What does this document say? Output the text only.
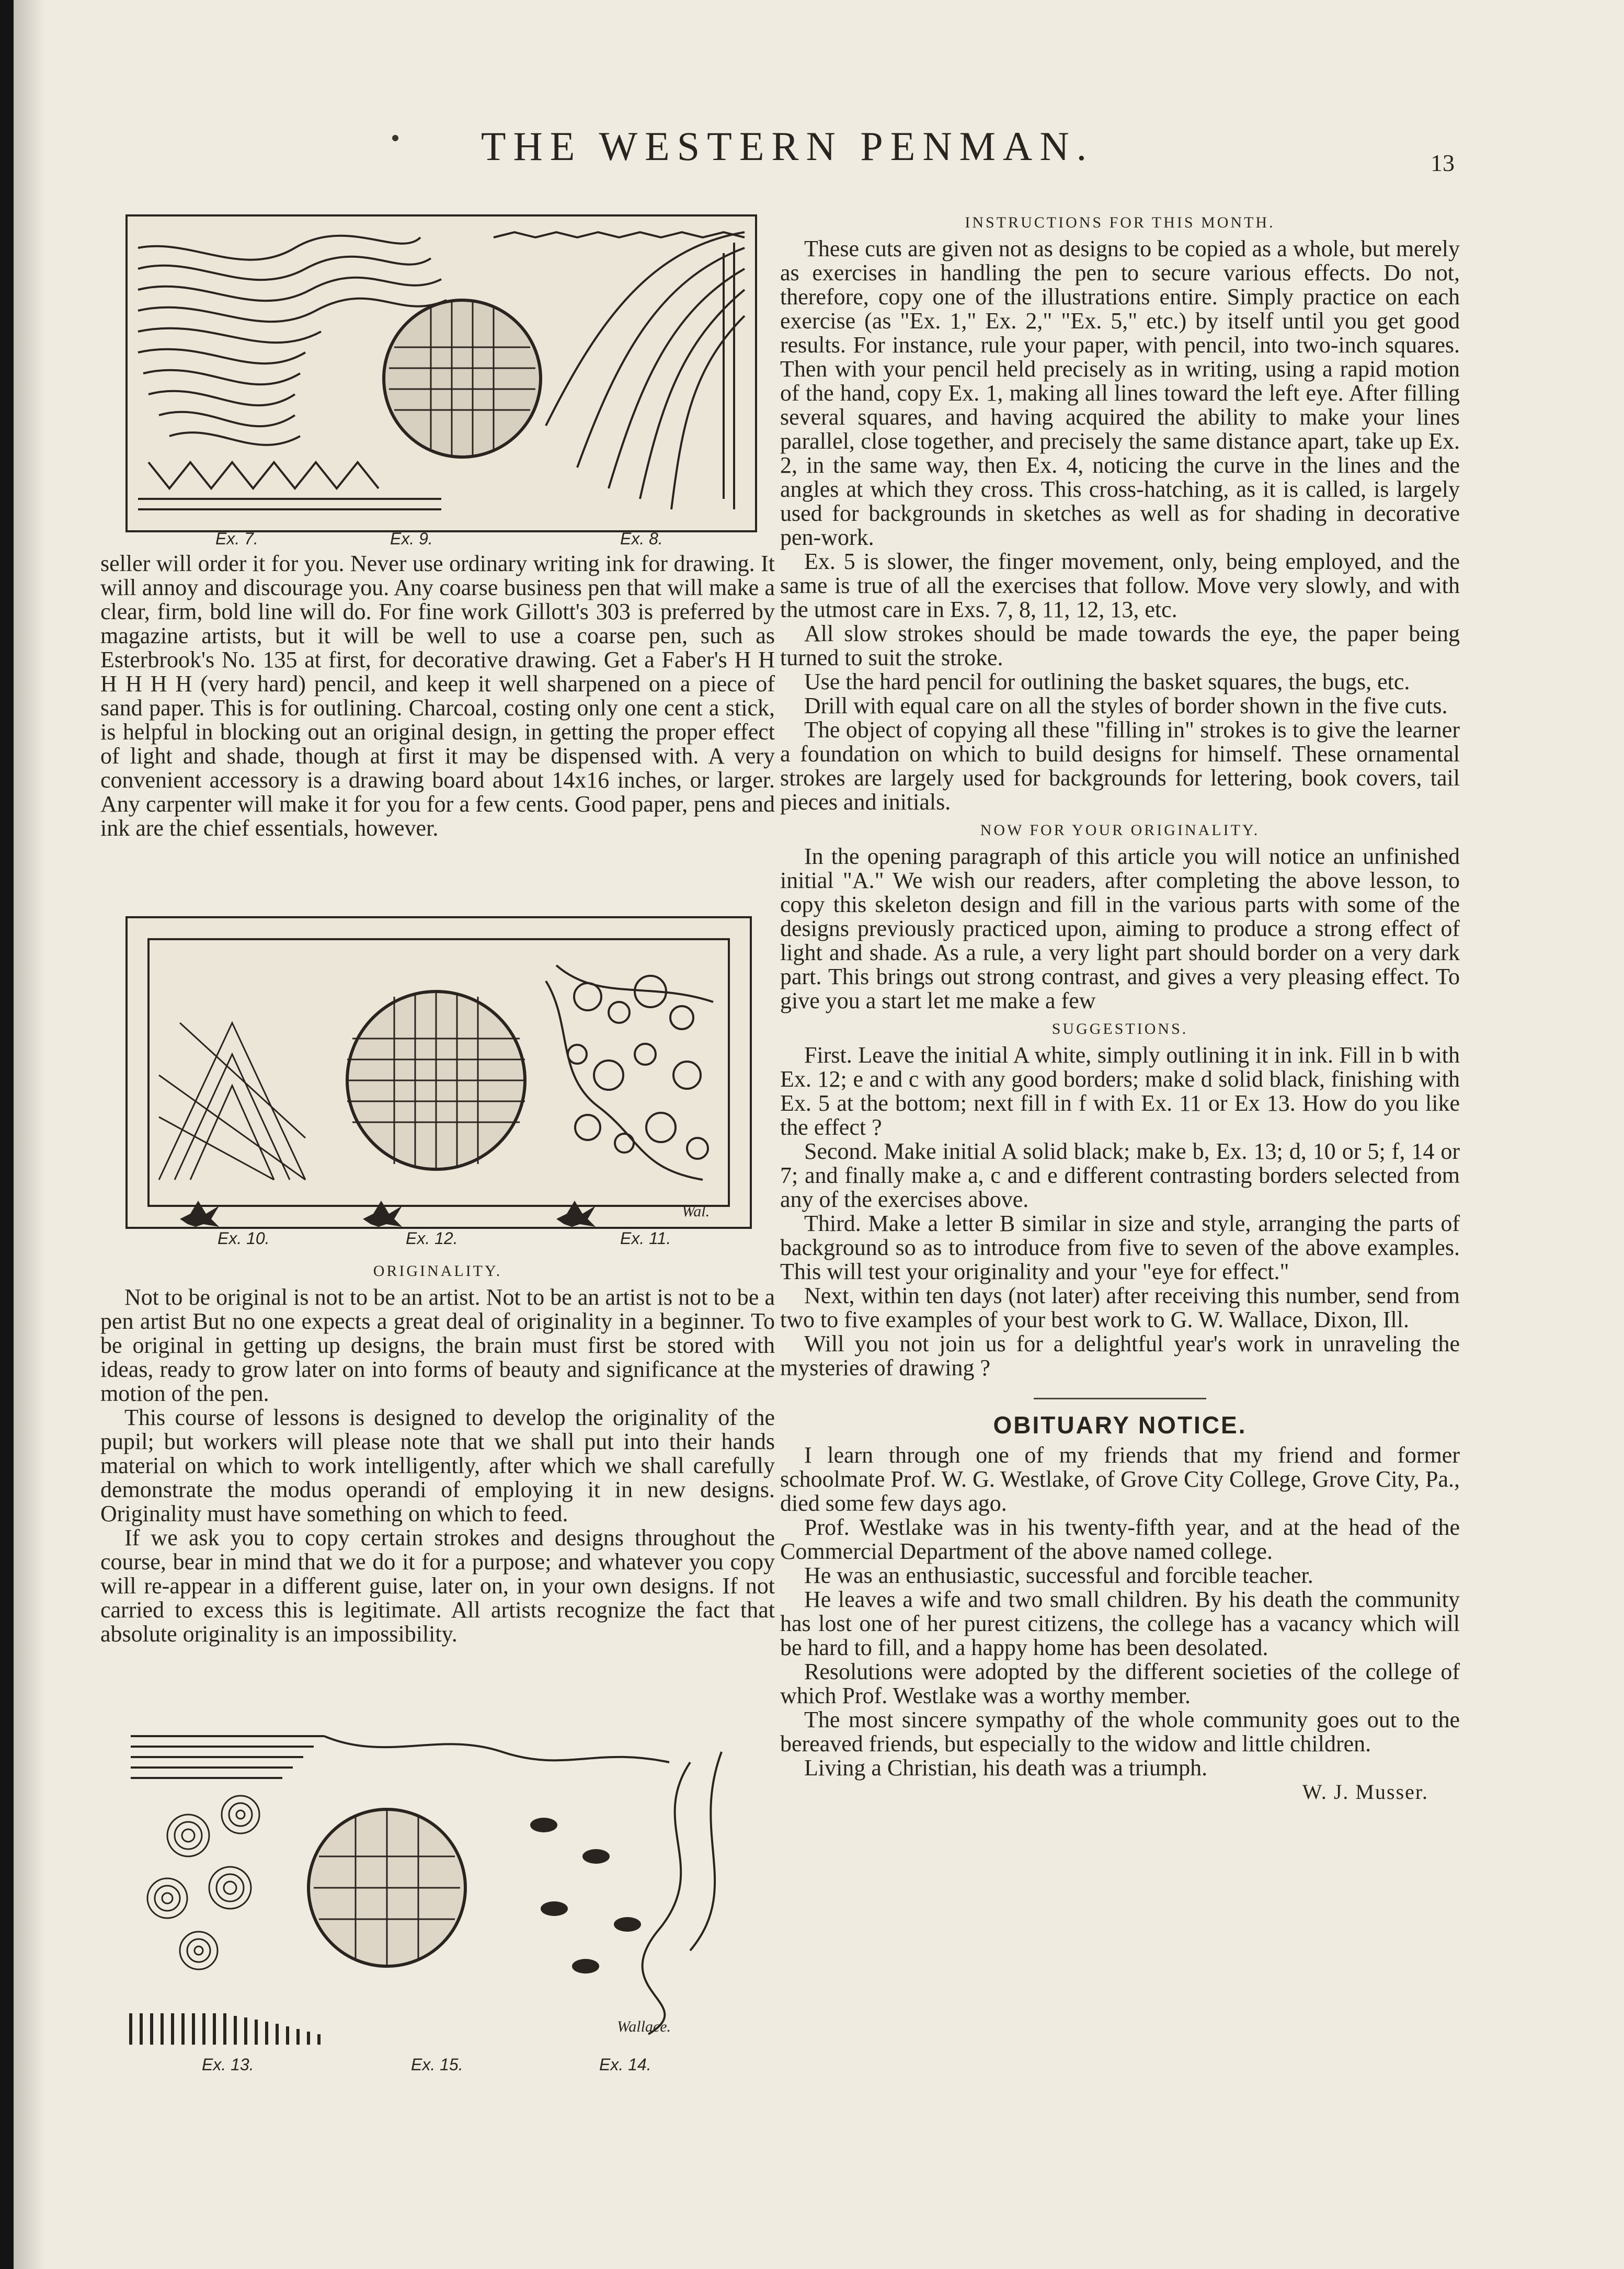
THE WESTERN PENMAN.	13
Ex. 7.	Ex. 9.	Ex. 8.

seller will order it for you. Never use ordinary writing ink for drawing. It will annoy and discourage you. Any coarse business pen that will make a clear, firm, bold line will do. For fine work Gillott's 303 is preferred by magazine artists, but it will be well to use a coarse pen, such as Esterbrook's No. 135 at first, for decorative drawing. Get a Faber's H H H H H H (very hard) pencil, and keep it well sharpened on a piece of sand paper. This is for outlining. Charcoal, costing only one cent a stick, is helpful in blocking out an original design, in getting the proper effect of light and shade, though at first it may be dispensed with. A very convenient accessory is a drawing board about 14x16 inches, or larger. Any carpenter will make it for you for a few cents. Good paper, pens and ink are the chief essentials, however.

Wal.
Ex. 10.	Ex. 12.	Ex. 11.
ORIGINALITY.

Not to be original is not to be an artist. Not to be an artist is not to be a pen artist But no one expects a great deal of originality in a beginner. To be original in getting up designs, the brain must first be stored with ideas, ready to grow later on into forms of beauty and significance at the motion of the pen.

This course of lessons is designed to develop the originality of the pupil; but workers will please note that we shall put into their hands material on which to work intelligently, after which we shall carefully demonstrate the modus operandi of employing it in new designs. Originality must have something on which to feed.

If we ask you to copy certain strokes and designs throughout the course, bear in mind that we do it for a purpose; and whatever you copy will re-appear in a different guise, later on, in your own designs. If not carried to excess this is legitimate. All artists recognize the fact that absolute originality is an impossibility.

Wallace.
Ex. 13.	Ex. 15.	Ex. 14.
INSTRUCTIONS FOR THIS MONTH.

These cuts are given not as designs to be copied as a whole, but merely as exercises in handling the pen to secure various effects. Do not, therefore, copy one of the illustrations entire. Simply practice on each exercise (as "Ex. 1," Ex. 2," "Ex. 5," etc.) by itself until you get good results. For instance, rule your paper, with pencil, into two-inch squares. Then with your pencil held precisely as in writing, using a rapid motion of the hand, copy Ex. 1, making all lines toward the left eye. After filling several squares, and having acquired the ability to make your lines parallel, close together, and precisely the same distance apart, take up Ex. 2, in the same way, then Ex. 4, noticing the curve in the lines and the angles at which they cross. This cross-hatching, as it is called, is largely used for backgrounds in sketches as well as for shading in decorative pen-work.

Ex. 5 is slower, the finger movement, only, being employed, and the same is true of all the exercises that follow. Move very slowly, and with the utmost care in Exs. 7, 8, 11, 12, 13, etc.

All slow strokes should be made towards the eye, the paper being turned to suit the stroke.

Use the hard pencil for outlining the basket squares, the bugs, etc.

Drill with equal care on all the styles of border shown in the five cuts.

The object of copying all these "filling in" strokes is to give the learner a foundation on which to build designs for himself. These ornamental strokes are largely used for backgrounds for lettering, book covers, tail pieces and initials.

NOW FOR YOUR ORIGINALITY.

In the opening paragraph of this article you will notice an unfinished initial "A." We wish our readers, after completing the above lesson, to copy this skeleton design and fill in the various parts with some of the designs previously practiced upon, aiming to produce a strong effect of light and shade. As a rule, a very light part should border on a very dark part. This brings out strong contrast, and gives a very pleasing effect. To give you a start let me make a few

SUGGESTIONS.

First. Leave the initial A white, simply outlining it in ink. Fill in b with Ex. 12; e and c with any good borders; make d solid black, finishing with Ex. 5 at the bottom; next fill in f with Ex. 11 or Ex 13. How do you like the effect ?

Second. Make initial A solid black; make b, Ex. 13; d, 10 or 5; f, 14 or 7; and finally make a, c and e different contrasting borders selected from any of the exercises above.

Third. Make a letter B similar in size and style, arranging the parts of background so as to introduce from five to seven of the above examples. This will test your originality and your "eye for effect."

Next, within ten days (not later) after receiving this number, send from two to five examples of your best work to G. W. Wallace, Dixon, Ill.

Will you not join us for a delightful year's work in unraveling the mysteries of drawing ?

OBITUARY NOTICE.

I learn through one of my friends that my friend and former schoolmate Prof. W. G. Westlake, of Grove City College, Grove City, Pa., died some few days ago.

Prof. Westlake was in his twenty-fifth year, and at the head of the Commercial Department of the above named college.

He was an enthusiastic, successful and forcible teacher.

He leaves a wife and two small children. By his death the community has lost one of her purest citizens, the college has a vacancy which will be hard to fill, and a happy home has been desolated.

Resolutions were adopted by the different societies of the college of which Prof. Westlake was a worthy member.

The most sincere sympathy of the whole community goes out to the bereaved friends, but especially to the widow and little children.

Living a Christian, his death was a triumph.

W. J. Musser.
